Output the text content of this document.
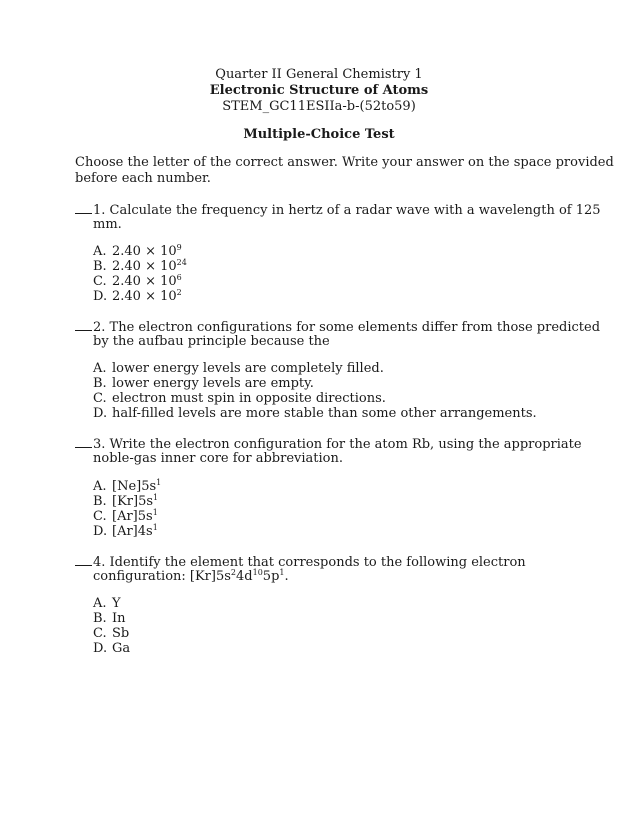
Quarter II General Chemistry 1
Electronic Structure of Atoms
STEM_GC11ESIIa-b-(52to59)
Multiple-Choice Test
Choose the letter of the correct answer. Write your answer on the space provided
before each number.
1. Calculate the frequency in hertz of a radar wave with a wavelength of 125
mm.
A. $2.40 \times 10^9$
B. $2.40 \times 10^{24}$
C. $2.40 \times 10^6$
D. $2.40 \times 10^2$
2. The electron configurations for some elements differ from those predicted
by the aufbau principle because the
A. lower energy levels are completely filled.
B. lower energy levels are empty.
C. electron must spin in opposite directions.
D. half-filled levels are more stable than some other arrangements.
3. Write the electron configuration for the atom Rb, using the appropriate
noble-gas inner core for abbreviation.
A. $[Ne]5s^1$
B. $[Kr]5s^1$
C. $[Ar]5s^1$
D. $[Ar]4s^1$
4. Identify the element that corresponds to the following electron
configuration: $[Kr]5s^24d^{10}5p^1$.
A. Y
B. In
C. Sb
D. Ga
